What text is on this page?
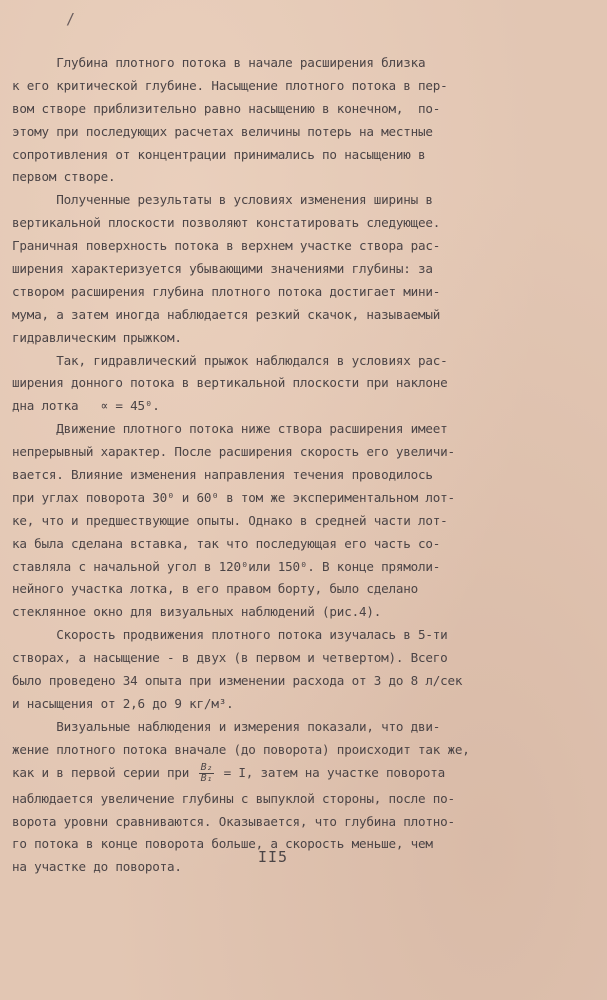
/
Глубина плотного потока в начале расширения близка
к его критической глубине. Насыщение плотного потока в пер-
вом створе приблизительно равно насыщению в конечном,  по-
этому при последующих расчетах величины потерь на местные
сопротивления от концентрации принимались по насыщению в
первом створе.
Полученные результаты в условиях изменения ширины в
вертикальной плоскости позволяют констатировать следующее.
Граничная поверхность потока в верхнем участке створа рас-
ширения характеризуется убывающими значениями глубины: за
створом расширения глубина плотного потока достигает мини-
мума, а затем иногда наблюдается резкий скачок, называемый
гидравлическим прыжком.
Так, гидравлический прыжок наблюдался в условиях рас-
ширения донного потока в вертикальной плоскости при наклоне
дна лотка   ∝ = 45⁰.
Движение плотного потока ниже створа расширения имеет
непрерывный характер. После расширения скорость его увеличи-
вается. Влияние изменения направления течения проводилось
при углах поворота 30⁰ и 60⁰ в том же экспериментальном лот-
ке, что и предшествующие опыты. Однако в средней части лот-
ка была сделана вставка, так что последующая его часть со-
ставляла с начальной угол в 120⁰или 150⁰. В конце прямоли-
нейного участка лотка, в его правом борту, было сделано
стеклянное окно для визуальных наблюдений (рис.4).
Скорость продвижения плотного потока изучалась в 5-ти
створах, а насыщение - в двух (в первом и четвертом). Всего
было проведено 34 опыта при изменении расхода от 3 до 8 л/сек
и насыщения от 2,6 до 9 кг/м³.
Визуальные наблюдения и измерения показали, что дви-
жение плотного потока вначале (до поворота) происходит так же,
как и в первой серии при $\frac{\text{B₂}}{\text{B₁}} = I$, затем на участке поворота
наблюдается увеличение глубины с выпуклой стороны, после по-
ворота уровни сравниваются. Оказывается, что глубина плотно-
го потока в конце поворота больше, а скорость меньше, чем
на участке до поворота.
II5
